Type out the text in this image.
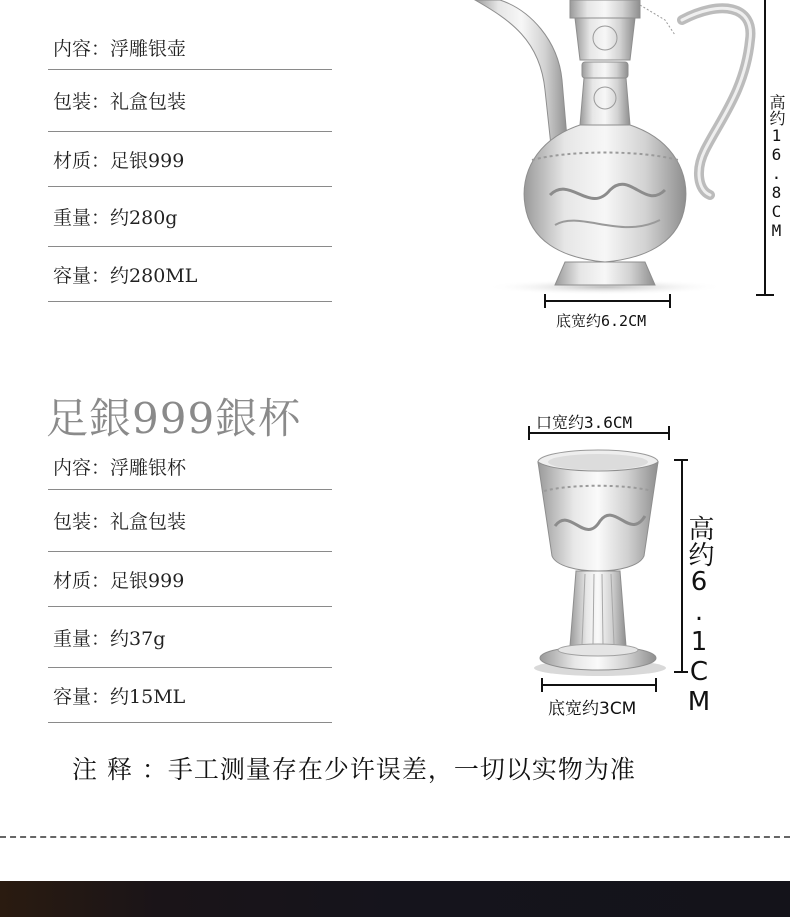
内容： 浮雕银壶
包装： 礼盒包装
材质： 足银999
重量： 约280g
容量： 约280ML
高约16.8CM
底宽约6.2CM
足銀999銀杯
内容： 浮雕银杯
包装： 礼盒包装
材质： 足银999
重量： 约37g
容量： 约15ML
口宽约3.6CM
高约6.1CM
底宽约3CM
注 释 ：手工测量存在少许误差，一切以实物为准
